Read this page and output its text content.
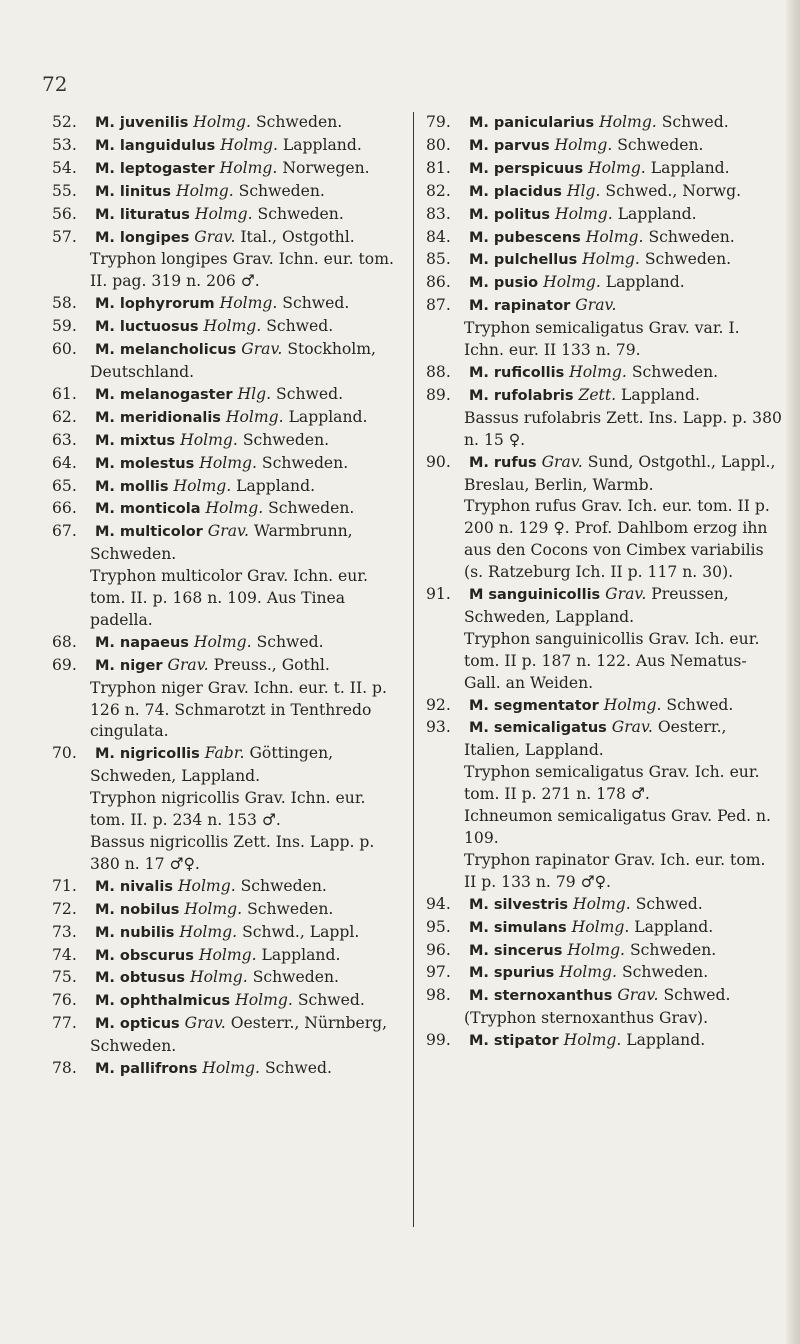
72

52. M. juvenilis Holmg. Schweden.

53. M. languidulus Holmg. Lappland.

54. M. leptogaster Holmg. Norwegen.

55. M. linitus Holmg. Schweden.

56. M. lituratus Holmg. Schweden.

57. M. longipes Grav. Ital., Ostgothl.
Tryphon longipes Grav. Ichn. eur. tom. II. pag. 319 n. 206 ♂.

58. M. lophyrorum Holmg. Schwed.

59. M. luctuosus Holmg. Schwed.

60. M. melancholicus Grav. Stockholm, Deutschland.

61. M. melanogaster Hlg. Schwed.

62. M. meridionalis Holmg. Lappland.

63. M. mixtus Holmg. Schweden.

64. M. molestus Holmg. Schweden.

65. M. mollis Holmg. Lappland.

66. M. monticola Holmg. Schweden.

67. M. multicolor Grav. Warmbrunn, Schweden.
Tryphon multicolor Grav. Ichn. eur. tom. II. p. 168 n. 109. Aus Tinea padella.

68. M. napaeus Holmg. Schwed.

69. M. niger Grav. Preuss., Gothl.
Tryphon niger Grav. Ichn. eur. t. II. p. 126 n. 74. Schmarotzt in Tenthredo cingulata.

70. M. nigricollis Fabr. Göttingen, Schweden, Lappland.
Tryphon nigricollis Grav. Ichn. eur. tom. II. p. 234 n. 153 ♂.
Bassus nigricollis Zett. Ins. Lapp. p. 380 n. 17 ♂♀.

71. M. nivalis Holmg. Schweden.

72. M. nobilus Holmg. Schweden.

73. M. nubilis Holmg. Schwd., Lappl.

74. M. obscurus Holmg. Lappland.

75. M. obtusus Holmg. Schweden.

76. M. ophthalmicus Holmg. Schwed.

77. M. opticus Grav. Oesterr., Nürnberg, Schweden.

78. M. pallifrons Holmg. Schwed.

79. M. panicularius Holmg. Schwed.

80. M. parvus Holmg. Schweden.

81. M. perspicuus Holmg. Lappland.

82. M. placidus Hlg. Schwed., Norwg.

83. M. politus Holmg. Lappland.

84. M. pubescens Holmg. Schweden.

85. M. pulchellus Holmg. Schweden.

86. M. pusio Holmg. Lappland.

87. M. rapinator Grav.
Tryphon semicaligatus Grav. var. I. Ichn. eur. II 133 n. 79.

88. M. ruficollis Holmg. Schweden.

89. M. rufolabris Zett. Lappland.
Bassus rufolabris Zett. Ins. Lapp. p. 380 n. 15 ♀.

90. M. rufus Grav. Sund, Ostgothl., Lappl., Breslau, Berlin, Warmb.
Tryphon rufus Grav. Ich. eur. tom. II p. 200 n. 129 ♀. Prof. Dahlbom erzog ihn aus den Cocons von Cimbex variabilis (s. Ratzeburg Ich. II p. 117 n. 30).

91. M sanguinicollis Grav. Preussen, Schweden, Lappland.
Tryphon sanguinicollis Grav. Ich. eur. tom. II p. 187 n. 122. Aus Nematus-Gall. an Weiden.

92. M. segmentator Holmg. Schwed.

93. M. semicaligatus Grav. Oesterr., Italien, Lappland.
Tryphon semicaligatus Grav. Ich. eur. tom. II p. 271 n. 178 ♂.
Ichneumon semicaligatus Grav. Ped. n. 109.
Tryphon rapinator Grav. Ich. eur. tom. II p. 133 n. 79 ♂♀.

94. M. silvestris Holmg. Schwed.

95. M. simulans Holmg. Lappland.

96. M. sincerus Holmg. Schweden.

97. M. spurius Holmg. Schweden.

98. M. sternoxanthus Grav. Schwed.
(Tryphon sternoxanthus Grav).

99. M. stipator Holmg. Lappland.
